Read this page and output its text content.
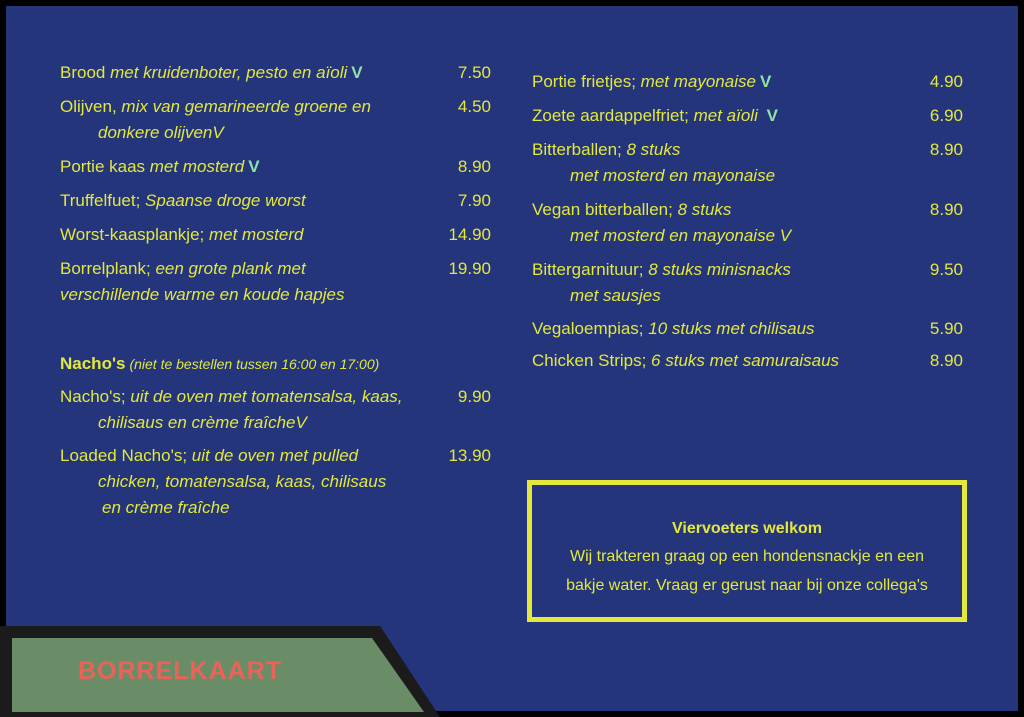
Brood met kruidenboter, pesto en aïoli V	7.50
Olijven, mix van gemarineerde groene en	4.50
donkere olijvenV
Portie kaas met mosterd V	8.90
Truffelfuet; Spaanse droge worst	7.90
Worst-kaasplankje; met mosterd	14.90
Borrelplank; een grote plank met	19.90
verschillende warme en koude hapjes
Nacho's; uit de oven met tomatensalsa, kaas,	9.90
chilisaus en crème fraîcheV
Loaded Nacho's; uit de oven met pulled	13.90
chicken, tomatensalsa, kaas, chilisaus
en crème fraîche
Portie frietjes; met mayonaise V	4.90
Zoete aardappelfriet; met aïoli V	6.90
Bitterballen; 8 stuks	8.90
met mosterd en mayonaise
Vegan bitterballen; 8 stuks	8.90
met mosterd en mayonaise V
Bittergarnituur; 8 stuks minisnacks	9.50
met sausjes
Vegaloempias; 10 stuks met chilisaus	5.90
Chicken Strips; 6 stuks met samuraisaus	8.90
Nacho's (niet te bestellen tussen 16:00 en 17:00)
Viervoeters welkom
Wij trakteren graag op een hondensnackje en een
bakje water. Vraag er gerust naar bij onze collega's
BORRELKAART
